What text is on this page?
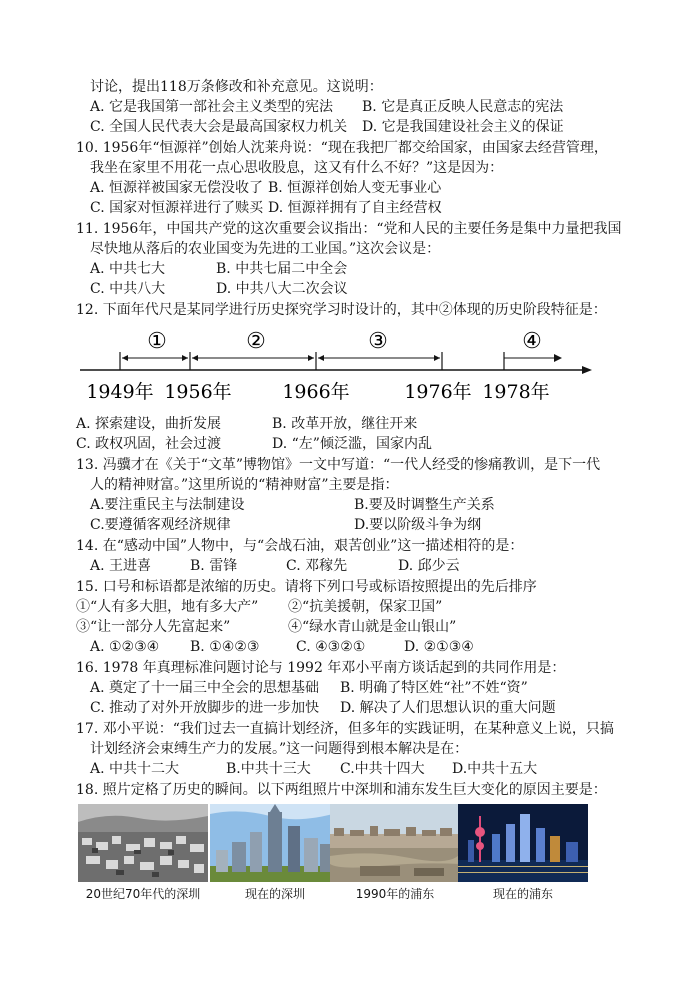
讨论，提出118万条修改和补充意见。这说明：
A. 它是我国第一部社会主义类型的宪法 B. 它是真正反映人民意志的宪法
C. 全国人民代表大会是最高国家权力机关 D. 它是我国建设社会主义的保证
10. 1956年“恒源祥”创始人沈莱舟说：“现在我把厂都交给国家，由国家去经营管理，
我坐在家里不用花一点心思收股息，这又有什么不好？”这是因为：
A. 恒源祥被国家无偿没收了 B. 恒源祥创始人变无事业心
C. 国家对恒源祥进行了赎买 D. 恒源祥拥有了自主经营权
11. 1956年，中国共产党的这次重要会议指出：“党和人民的主要任务是集中力量把我国
尽快地从落后的农业国变为先进的工业国。”这次会议是：
A. 中共七大	B. 中共七届二中全会
C. 中共八大	D. 中共八大二次会议
12. 下面年代尺是某同学进行历史探究学习时设计的，其中②体现的历史阶段特征是：
①	②	③	④
1949年 1956年	1966年	1976年 1978年
A. 探索建设，曲折发展	B. 改革开放，继往开来
C. 政权巩固，社会过渡	D. “左”倾泛滥，国家内乱
13. 冯骥才在《关于“文革”博物馆》一文中写道：“一代人经受的惨痛教训，是下一代
人的精神财富。”这里所说的“精神财富”主要是指：
A.要注重民主与法制建设	B.要及时调整生产关系
C.要遵循客观经济规律	D.要以阶级斗争为纲
14. 在“感动中国”人物中，与“会战石油，艰苦创业”这一描述相符的是：
A. 王进喜	B. 雷锋	C. 邓稼先	D. 邱少云
15. 口号和标语都是浓缩的历史。请将下列口号或标语按照提出的先后排序
①“人有多大胆，地有多大产” ②“抗美援朝，保家卫国”
③“让一部分人先富起来”	④“绿水青山就是金山银山”
A. ①②③④ B. ①④②③	C. ④③②①	D. ②①③④
16. 1978 年真理标准问题讨论与 1992 年邓小平南方谈话起到的共同作用是：
A. 奠定了十一届三中全会的思想基础 B. 明确了特区姓“社”不姓“资”
C. 推动了对外开放脚步的进一步加快 D. 解决了人们思想认识的重大问题
17. 邓小平说：“我们过去一直搞计划经济，但多年的实践证明，在某种意义上说，只搞
计划经济会束缚生产力的发展。”这一问题得到根本解决是在：
A. 中共十二大	B.中共十三大 C.中共十四大 D.中共十五大
18. 照片定格了历史的瞬间。以下两组照片中深圳和浦东发生巨大变化的原因主要是：
20世纪70年代的深圳	现在的深圳	1990年的浦东	现在的浦东
